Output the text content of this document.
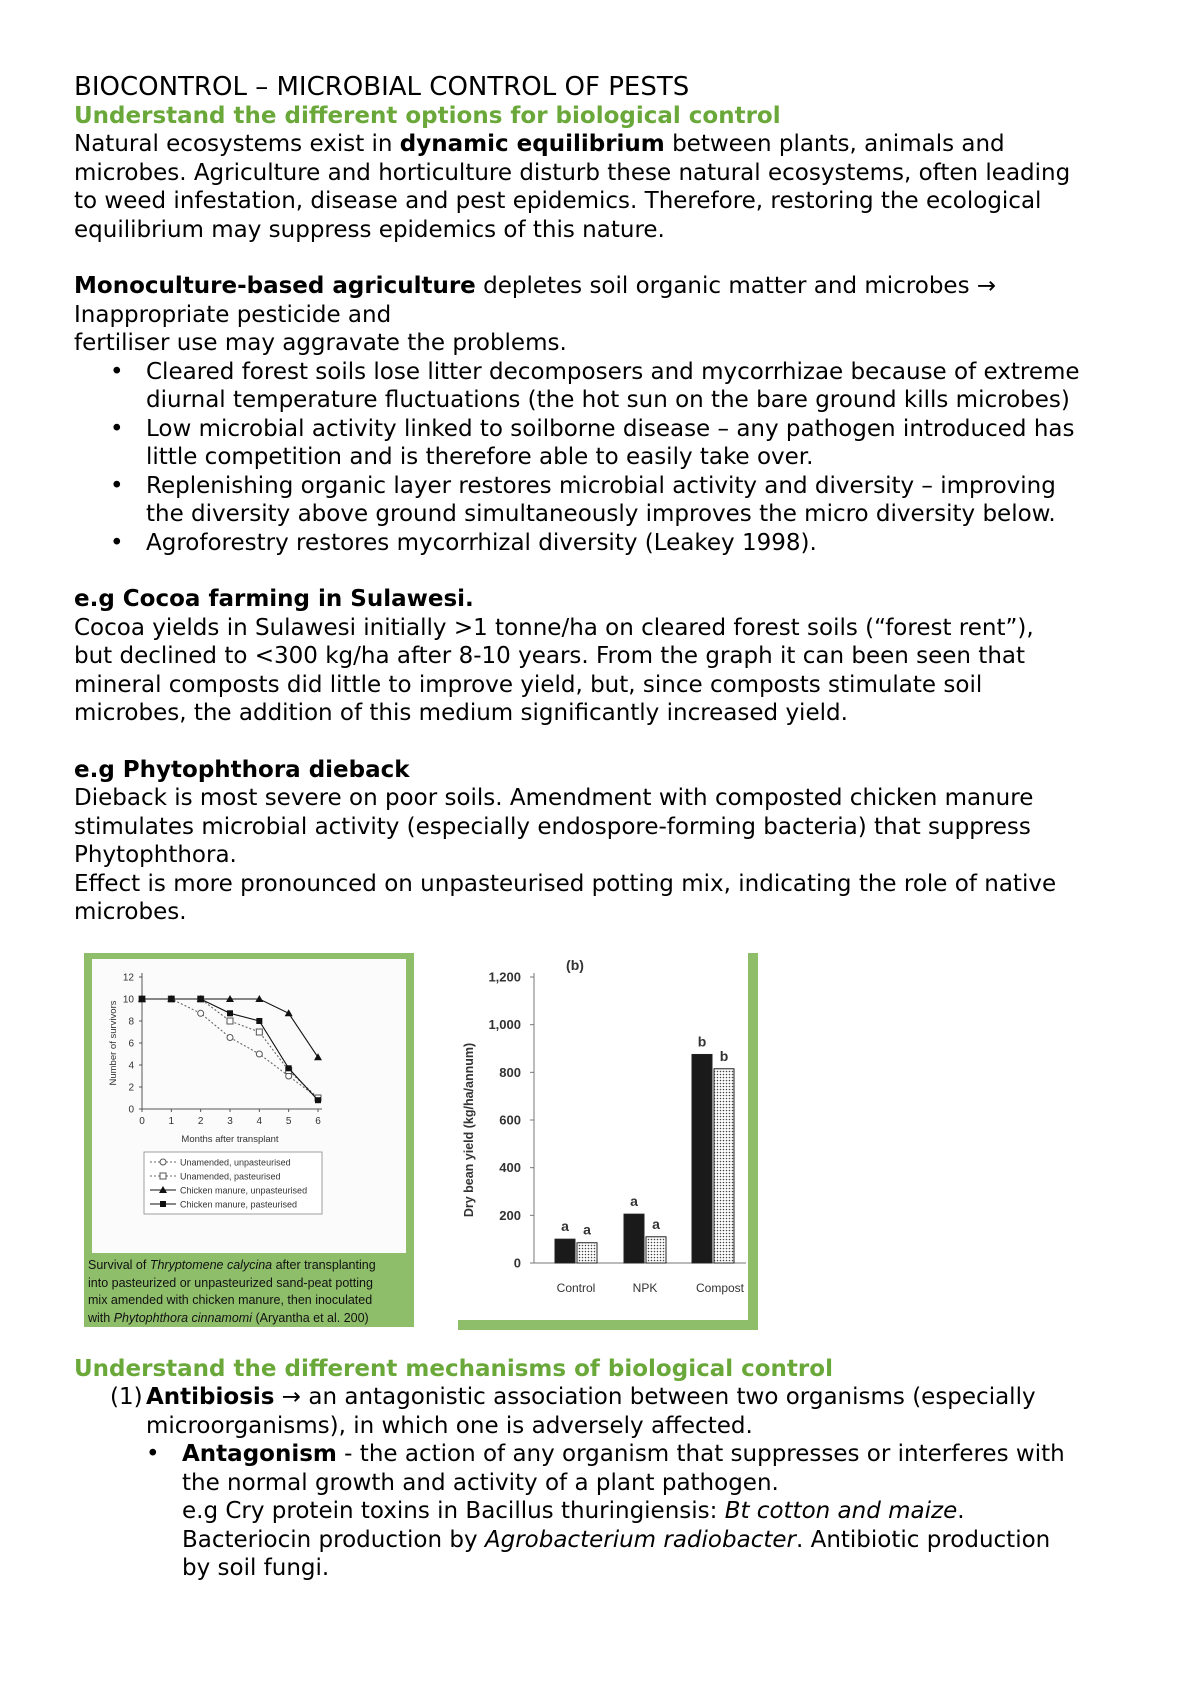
BIOCONTROL – MICROBIAL CONTROL OF PESTS
Understand the different options for biological control
Natural ecosystems exist in dynamic equilibrium between plants, animals and
microbes. Agriculture and horticulture disturb these natural ecosystems, often leading
to weed infestation, disease and pest epidemics. Therefore, restoring the ecological
equilibrium may suppress epidemics of this nature.
Monoculture-based agriculture depletes soil organic matter and microbes →
Inappropriate pesticide and
fertiliser use may aggravate the problems.
• Cleared forest soils lose litter decomposers and mycorrhizae because of extreme
diurnal temperature fluctuations (the hot sun on the bare ground kills microbes)
• Low microbial activity linked to soilborne disease – any pathogen introduced has
little competition and is therefore able to easily take over.
• Replenishing organic layer restores microbial activity and diversity – improving
the diversity above ground simultaneously improves the micro diversity below.
• Agroforestry restores mycorrhizal diversity (Leakey 1998).
e.g Cocoa farming in Sulawesi.
Cocoa yields in Sulawesi initially >1 tonne/ha on cleared forest soils (“forest rent”),
but declined to <300 kg/ha after 8-10 years. From the graph it can been seen that
mineral composts did little to improve yield, but, since composts stimulate soil
microbes, the addition of this medium significantly increased yield.
e.g Phytophthora dieback
Dieback is most severe on poor soils. Amendment with composted chicken manure
stimulates microbial activity (especially endospore-forming bacteria) that suppress
Phytophthora.
Effect is more pronounced on unpasteurised potting mix, indicating the role of native
microbes.
0
2
4
6
8
10
12
0 1 2 3 4 5 6
Months after transplant
Number of survivors
Unamended, unpasteurised
Unamended, pasteurised
Chicken manure, unpasteurised
Chicken manure, pasteurised
Survival of Thryptomene calycina after transplanting
into pasteurized or unpasteurized sand-peat potting
mix amended with chicken manure, then inoculated
with Phytophthora cinnamomi (Aryantha et al. 200)
(b)
0
200
400
600
800
1,000
1,200
Dry bean yield (kg/ha/annum)
a a
Control
a
a
NPK
b
b
Compost
Understand the different mechanisms of biological control
(1) Antibiosis → an antagonistic association between two organisms (especially
microorganisms), in which one is adversely affected.
• Antagonism - the action of any organism that suppresses or interferes with
the normal growth and activity of a plant pathogen.
e.g Cry protein toxins in Bacillus thuringiensis: Bt cotton and maize.
Bacteriocin production by Agrobacterium radiobacter. Antibiotic production
by soil fungi.
